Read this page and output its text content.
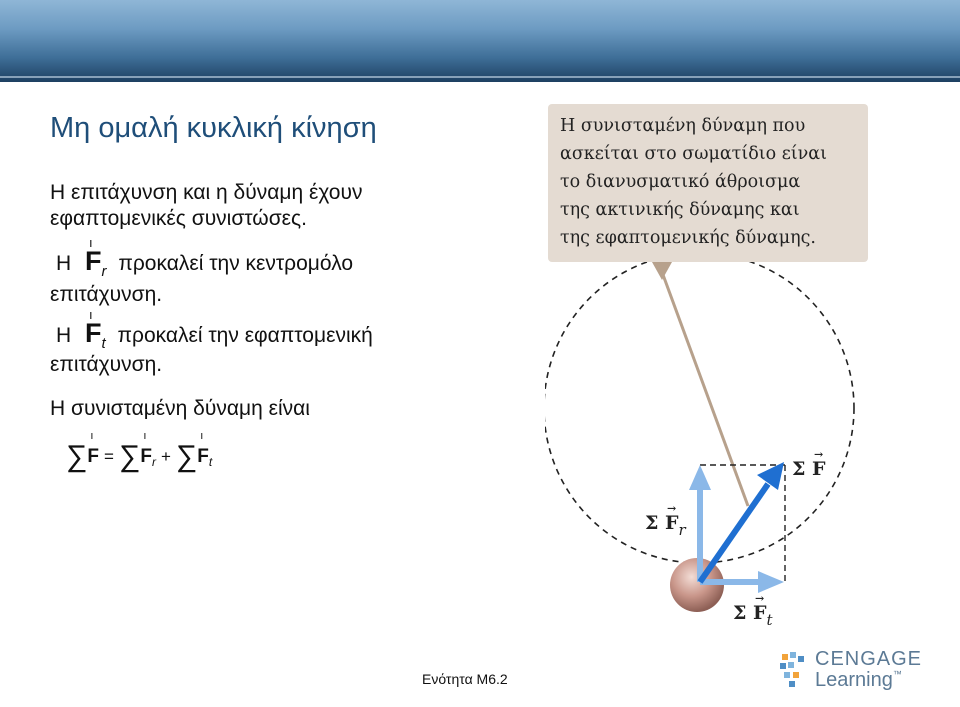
Μη ομαλή κυκλική κίνηση
Η επιτάχυνση και η δύναμη έχουν
εφαπτομενικές συνιστώσες.
Η
ı
$F_r$ προκαλεί την κεντρομόλο
επιτάχυνση.
Η
ı
$F_t$ προκαλεί την εφαπτομενική
επιτάχυνση.
Η συνισταμένη δύναμη είναι
∑
ı
F = ∑
ı
Fr + ∑
ı
Ft
Η συνισταμένη δύναμη που
ασκείται στο σωματίδιο είναι
το διανυσματικό άθροισμα
της ακτινικής δύναμης και
της εφαπτομενικής δύναμης.
→
Σ F
→
Σ $F_r$
→
Σ $F_t$
Ενότητα Μ6.2
CENGAGE
Learning™
